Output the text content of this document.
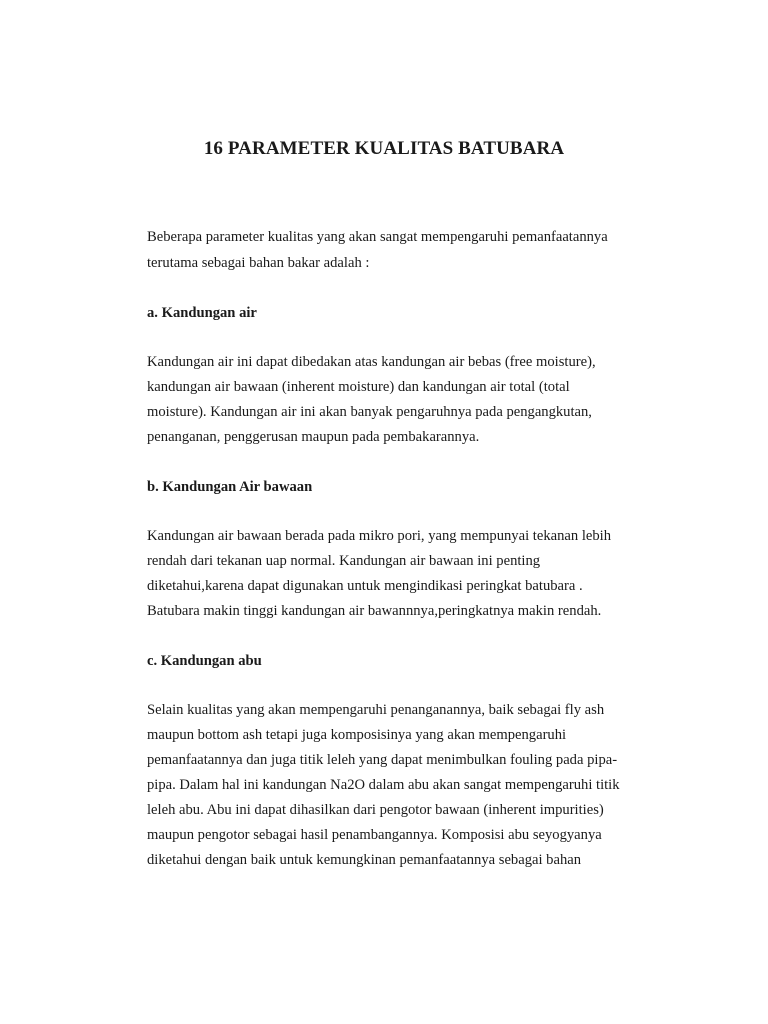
16 PARAMETER KUALITAS BATUBARA

Beberapa parameter kualitas yang akan sangat mempengaruhi pemanfaatannya

terutama sebagai bahan bakar adalah :

a. Kandungan air

Kandungan air ini dapat dibedakan atas kandungan air bebas (free moisture),

kandungan air bawaan (inherent moisture) dan kandungan air total (total

moisture). Kandungan air ini akan banyak pengaruhnya pada pengangkutan,

penanganan, penggerusan maupun pada pembakarannya.

b. Kandungan Air bawaan

Kandungan air bawaan berada pada mikro pori, yang mempunyai tekanan lebih

rendah dari tekanan uap normal. Kandungan air bawaan ini penting

diketahui,karena dapat digunakan untuk mengindikasi peringkat batubara .

Batubara makin tinggi kandungan air bawannnya,peringkatnya makin rendah.

c. Kandungan abu

Selain kualitas yang akan mempengaruhi penanganannya, baik sebagai fly ash

maupun bottom ash tetapi juga komposisinya yang akan mempengaruhi

pemanfaatannya dan juga titik leleh yang dapat menimbulkan fouling pada pipa-

pipa. Dalam hal ini kandungan Na2O dalam abu akan sangat mempengaruhi titik

leleh abu. Abu ini dapat dihasilkan dari pengotor bawaan (inherent impurities)

maupun pengotor sebagai hasil penambangannya. Komposisi abu seyogyanya

diketahui dengan baik untuk kemungkinan pemanfaatannya sebagai bahan
